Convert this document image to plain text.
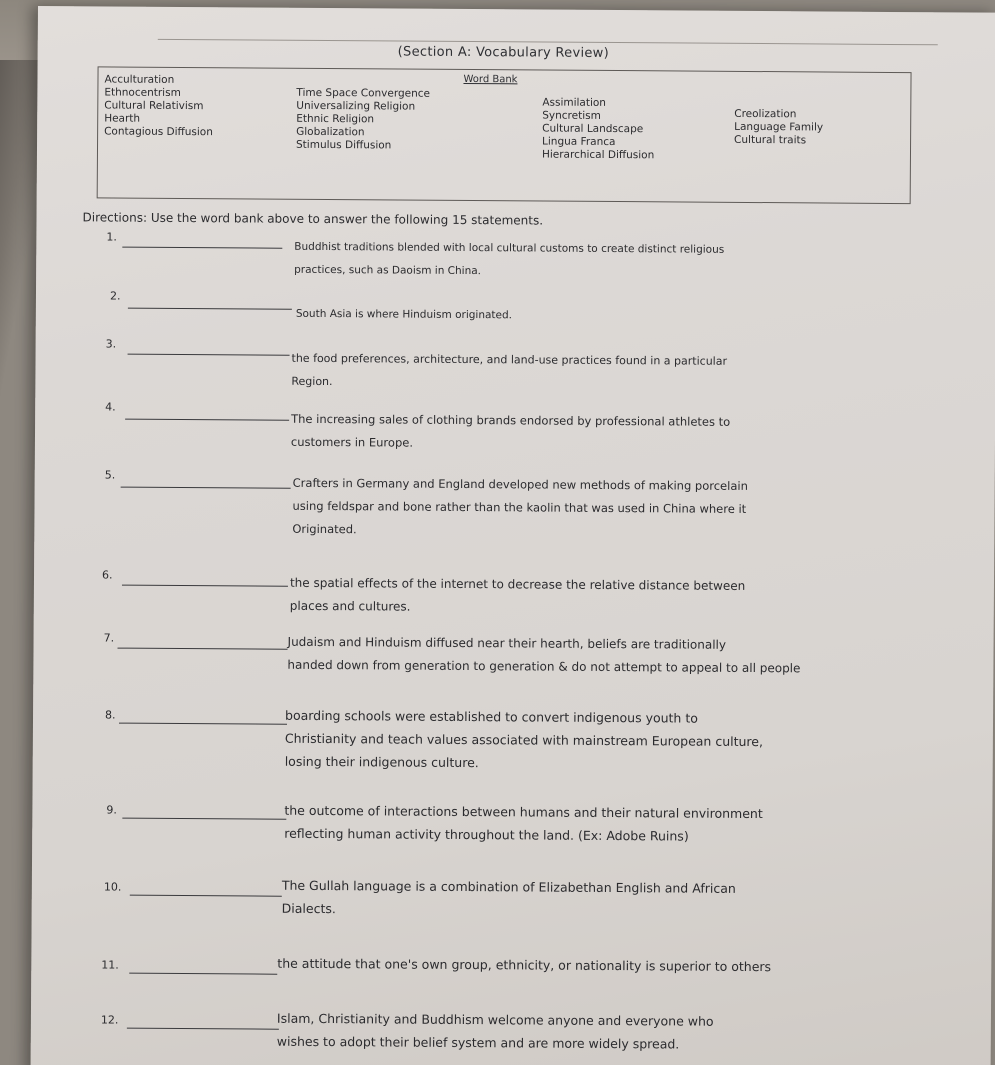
(Section A: Vocabulary Review)
Word Bank
Acculturation
Ethnocentrism
Cultural Relativism
Hearth
Contagious Diffusion
Time Space Convergence
Universalizing Religion
Ethnic Religion
Globalization
Stimulus Diffusion
Assimilation
Syncretism
Cultural Landscape
Lingua Franca
Hierarchical Diffusion
Creolization
Language Family
Cultural traits
Directions: Use the word bank above to answer the following 15 statements.
1.
Buddhist traditions blended with local cultural customs to create distinct religious
practices, such as Daoism in China.
2.
South Asia is where Hinduism originated.
3.
the food preferences, architecture, and land-use practices found in a particular
Region.
4.
The increasing sales of clothing brands endorsed by professional athletes to
customers in Europe.
5.
Crafters in Germany and England developed new methods of making porcelain
using feldspar and bone rather than the kaolin that was used in China where it
Originated.
6.
the spatial effects of the internet to decrease the relative distance between
places and cultures.
7.	Judaism and Hinduism diffused near their hearth, beliefs are traditionally
handed down from generation to generation & do not attempt to appeal to all people
8.	boarding schools were established to convert indigenous youth to
Christianity and teach values associated with mainstream European culture,
losing their indigenous culture.
9.	the outcome of interactions between humans and their natural environment
reflecting human activity throughout the land. (Ex: Adobe Ruins)
10.	The Gullah language is a combination of Elizabethan English and African
Dialects.
11.	the attitude that one's own group, ethnicity, or nationality is superior to others
12.	Islam, Christianity and Buddhism welcome anyone and everyone who
wishes to adopt their belief system and are more widely spread.
